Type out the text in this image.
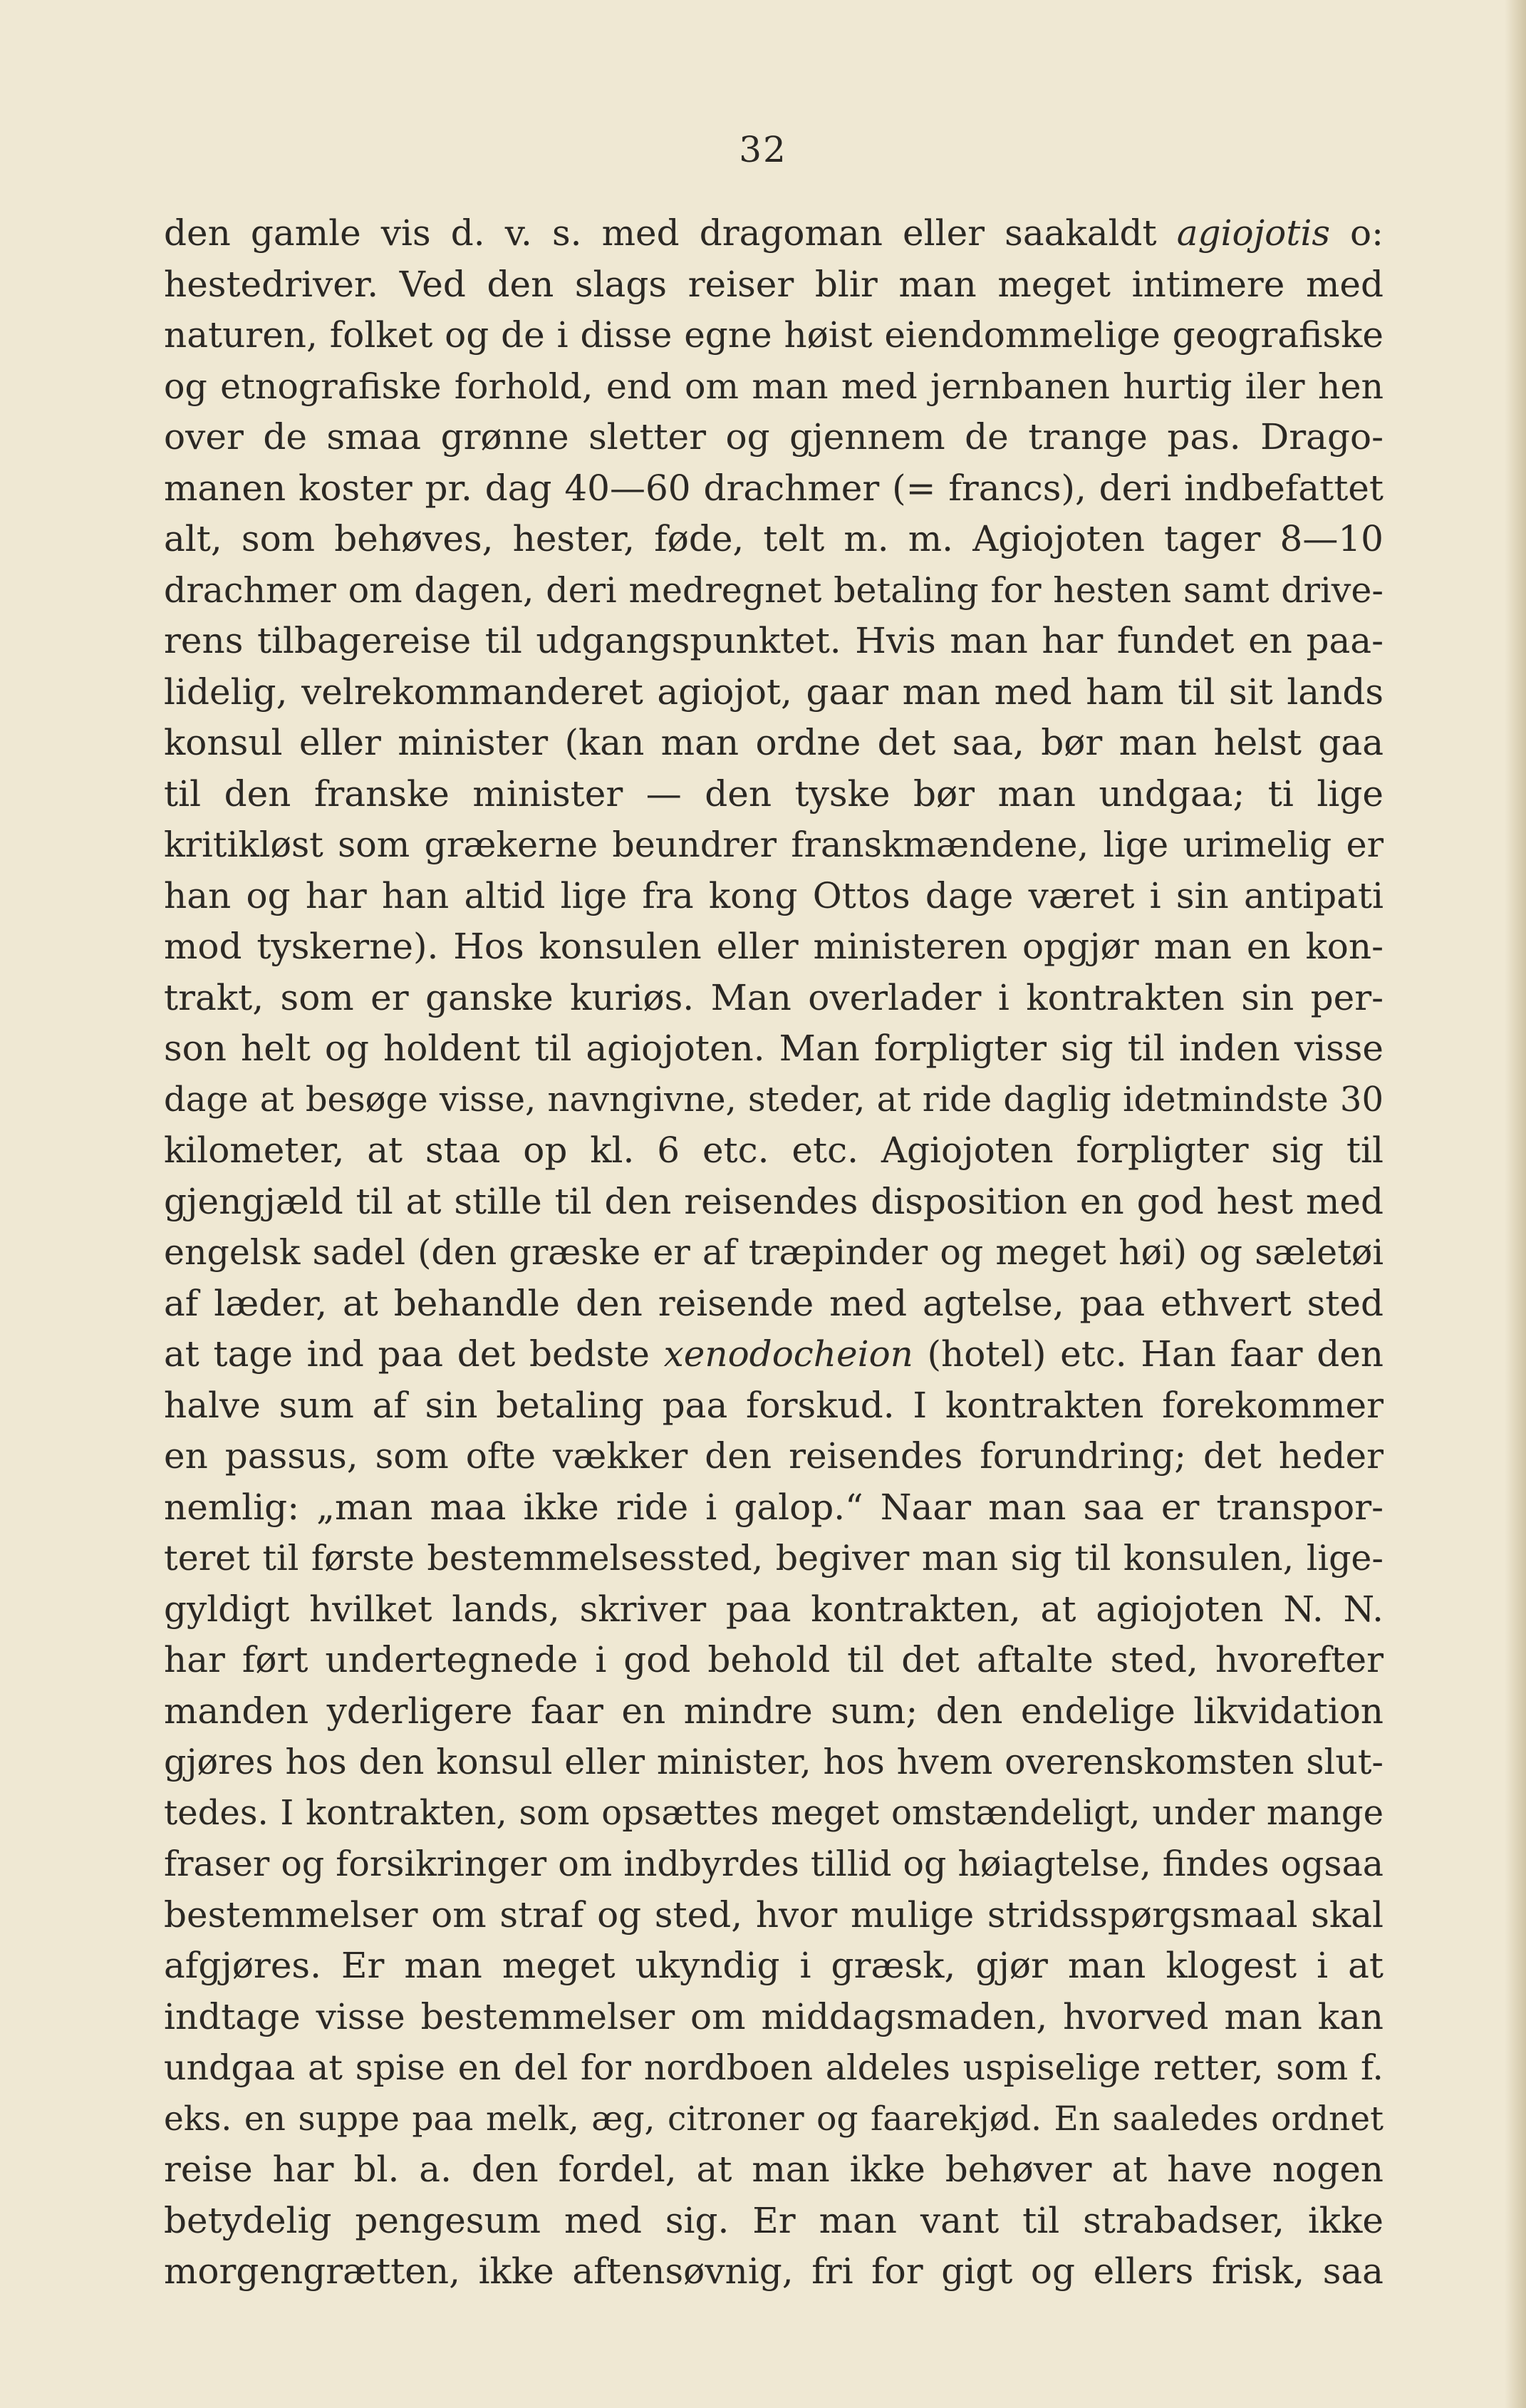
32
den gamle vis d. v. s. med dragoman eller saakaldt agiojotis o:
hestedriver. Ved den slags reiser blir man meget intimere med
naturen, folket og de i disse egne høist eiendommelige geografiske
og etnografiske forhold, end om man med jernbanen hurtig iler hen
over de smaa grønne sletter og gjennem de trange pas. Drago-
manen koster pr. dag 40—60 drachmer (= francs), deri indbefattet
alt, som behøves, hester, føde, telt m. m. Agiojoten tager 8—10
drachmer om dagen, deri medregnet betaling for hesten samt drive-
rens tilbagereise til udgangspunktet. Hvis man har fundet en paa-
lidelig, velrekommanderet agiojot, gaar man med ham til sit lands
konsul eller minister (kan man ordne det saa, bør man helst gaa
til den franske minister — den tyske bør man undgaa; ti lige
kritikløst som grækerne beundrer franskmændene, lige urimelig er
han og har han altid lige fra kong Ottos dage været i sin antipati
mod tyskerne). Hos konsulen eller ministeren opgjør man en kon-
trakt, som er ganske kuriøs. Man overlader i kontrakten sin per-
son helt og holdent til agiojoten. Man forpligter sig til inden visse
dage at besøge visse, navngivne, steder, at ride daglig idetmindste 30
kilometer, at staa op kl. 6 etc. etc. Agiojoten forpligter sig til
gjengjæld til at stille til den reisendes disposition en god hest med
engelsk sadel (den græske er af træpinder og meget høi) og sæletøi
af læder, at behandle den reisende med agtelse, paa ethvert sted
at tage ind paa det bedste xenodocheion (hotel) etc. Han faar den
halve sum af sin betaling paa forskud. I kontrakten forekommer
en passus, som ofte vækker den reisendes forundring; det heder
nemlig: „man maa ikke ride i galop.“ Naar man saa er transpor-
teret til første bestemmelsessted, begiver man sig til konsulen, lige-
gyldigt hvilket lands, skriver paa kontrakten, at agiojoten N. N.
har ført undertegnede i god behold til det aftalte sted, hvorefter
manden yderligere faar en mindre sum; den endelige likvidation
gjøres hos den konsul eller minister, hos hvem overenskomsten slut-
tedes. I kontrakten, som opsættes meget omstændeligt, under mange
fraser og forsikringer om indbyrdes tillid og høiagtelse, findes ogsaa
bestemmelser om straf og sted, hvor mulige stridsspørgsmaal skal
afgjøres. Er man meget ukyndig i græsk, gjør man klogest i at
indtage visse bestemmelser om middagsmaden, hvorved man kan
undgaa at spise en del for nordboen aldeles uspiselige retter, som f.
eks. en suppe paa melk, æg, citroner og faarekjød. En saaledes ordnet
reise har bl. a. den fordel, at man ikke behøver at have nogen
betydelig pengesum med sig. Er man vant til strabadser, ikke
morgengrætten, ikke aftensøvnig, fri for gigt og ellers frisk, saa
